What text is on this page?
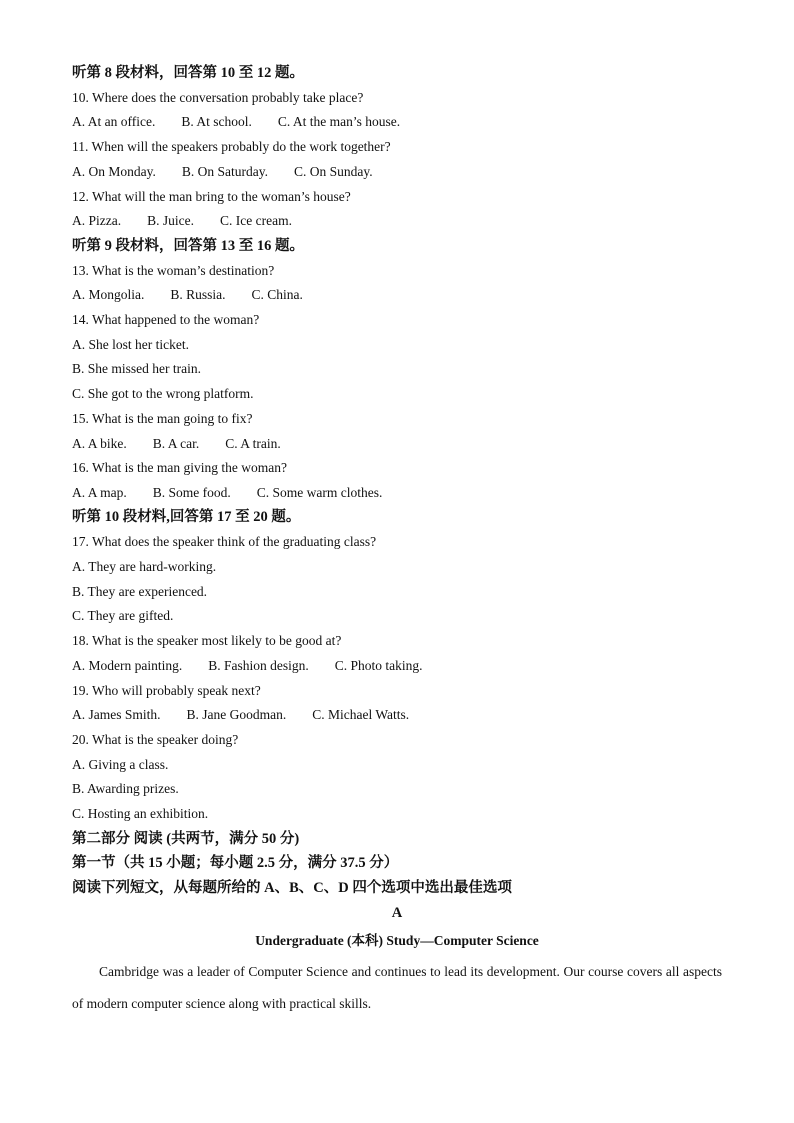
听第 8 段材料，回答第 10 至 12 题。
10. Where does the conversation probably take place?
A. At an office. B. At school. C. At the man’s house.
11. When will the speakers probably do the work together?
A. On Monday. B. On Saturday. C. On Sunday.
12. What will the man bring to the woman’s house?
A. Pizza. B. Juice. C. Ice cream.
听第 9 段材料，回答第 13 至 16 题。
13. What is the woman’s destination?
A. Mongolia. B. Russia. C. China.
14. What happened to the woman?
A. She lost her ticket.
B. She missed her train.
C. She got to the wrong platform.
15. What is the man going to fix?
A. A bike. B. A car. C. A train.
16. What is the man giving the woman?
A. A map. B. Some food. C. Some warm clothes.
听第 10 段材料,回答第 17 至 20 题。
17. What does the speaker think of the graduating class?
A. They are hard-working.
B. They are experienced.
C. They are gifted.
18. What is the speaker most likely to be good at?
A. Modern painting. B. Fashion design. C. Photo taking.
19. Who will probably speak next?
A. James Smith. B. Jane Goodman. C. Michael Watts.
20. What is the speaker doing?
A. Giving a class.
B. Awarding prizes.
C. Hosting an exhibition.
第二部分 阅读 (共两节，满分 50 分)
第一节（共 15 小题；每小题 2.5 分，满分 37.5 分）
阅读下列短文，从每题所给的 A、B、C、D 四个选项中选出最佳选项
A
Undergraduate (本科) Study—Computer Science
Cambridge was a leader of Computer Science and continues to lead its development. Our course covers all aspects of modern computer science along with practical skills.
